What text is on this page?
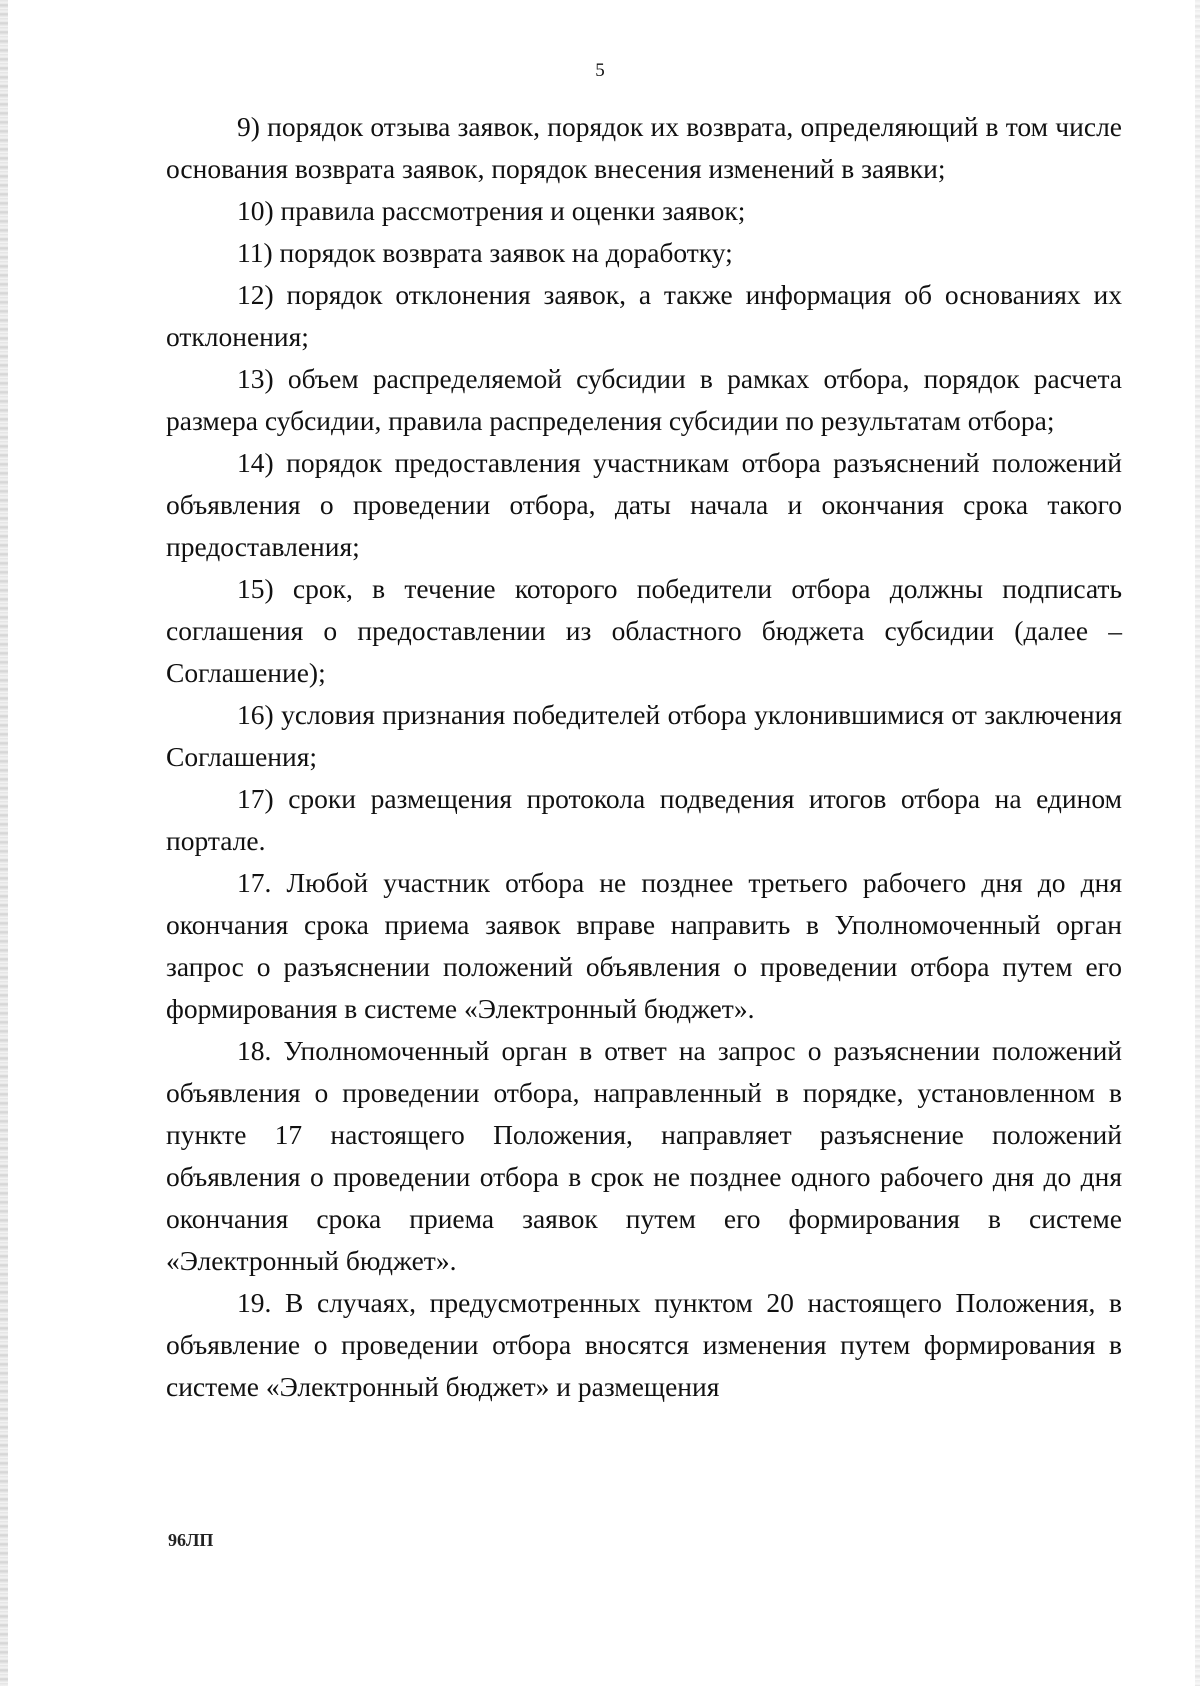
5

9) порядок отзыва заявок, порядок их возврата, определяющий в том числе основания возврата заявок, порядок внесения изменений в заявки;

10) правила рассмотрения и оценки заявок;

11) порядок возврата заявок на доработку;

12) порядок отклонения заявок, а также информация об основаниях их отклонения;

13) объем распределяемой субсидии в рамках отбора, порядок расчета размера субсидии, правила распределения субсидии по результатам отбора;

14) порядок предоставления участникам отбора разъяснений положений объявления о проведении отбора, даты начала и окончания срока такого предоставления;

15) срок, в течение которого победители отбора должны подписать соглашения о предоставлении из областного бюджета субсидии (далее – Соглашение);

16) условия признания победителей отбора уклонившимися от заключения Соглашения;

17) сроки размещения протокола подведения итогов отбора на едином портале.

17. Любой участник отбора не позднее третьего рабочего дня до дня окончания срока приема заявок вправе направить в Уполномоченный орган запрос о разъяснении положений объявления о проведении отбора путем его формирования в системе «Электронный бюджет».

18. Уполномоченный орган в ответ на запрос о разъяснении положений объявления о проведении отбора, направленный в порядке, установленном в пункте 17 настоящего Положения, направляет разъяснение положений объявления о проведении отбора в срок не позднее одного рабочего дня до дня окончания срока приема заявок путем его формирования в системе «Электронный бюджет».

19. В случаях, предусмотренных пунктом 20 настоящего Положения, в объявление о проведении отбора вносятся изменения путем формирования в системе «Электронный бюджет» и размещения

96ЛП
